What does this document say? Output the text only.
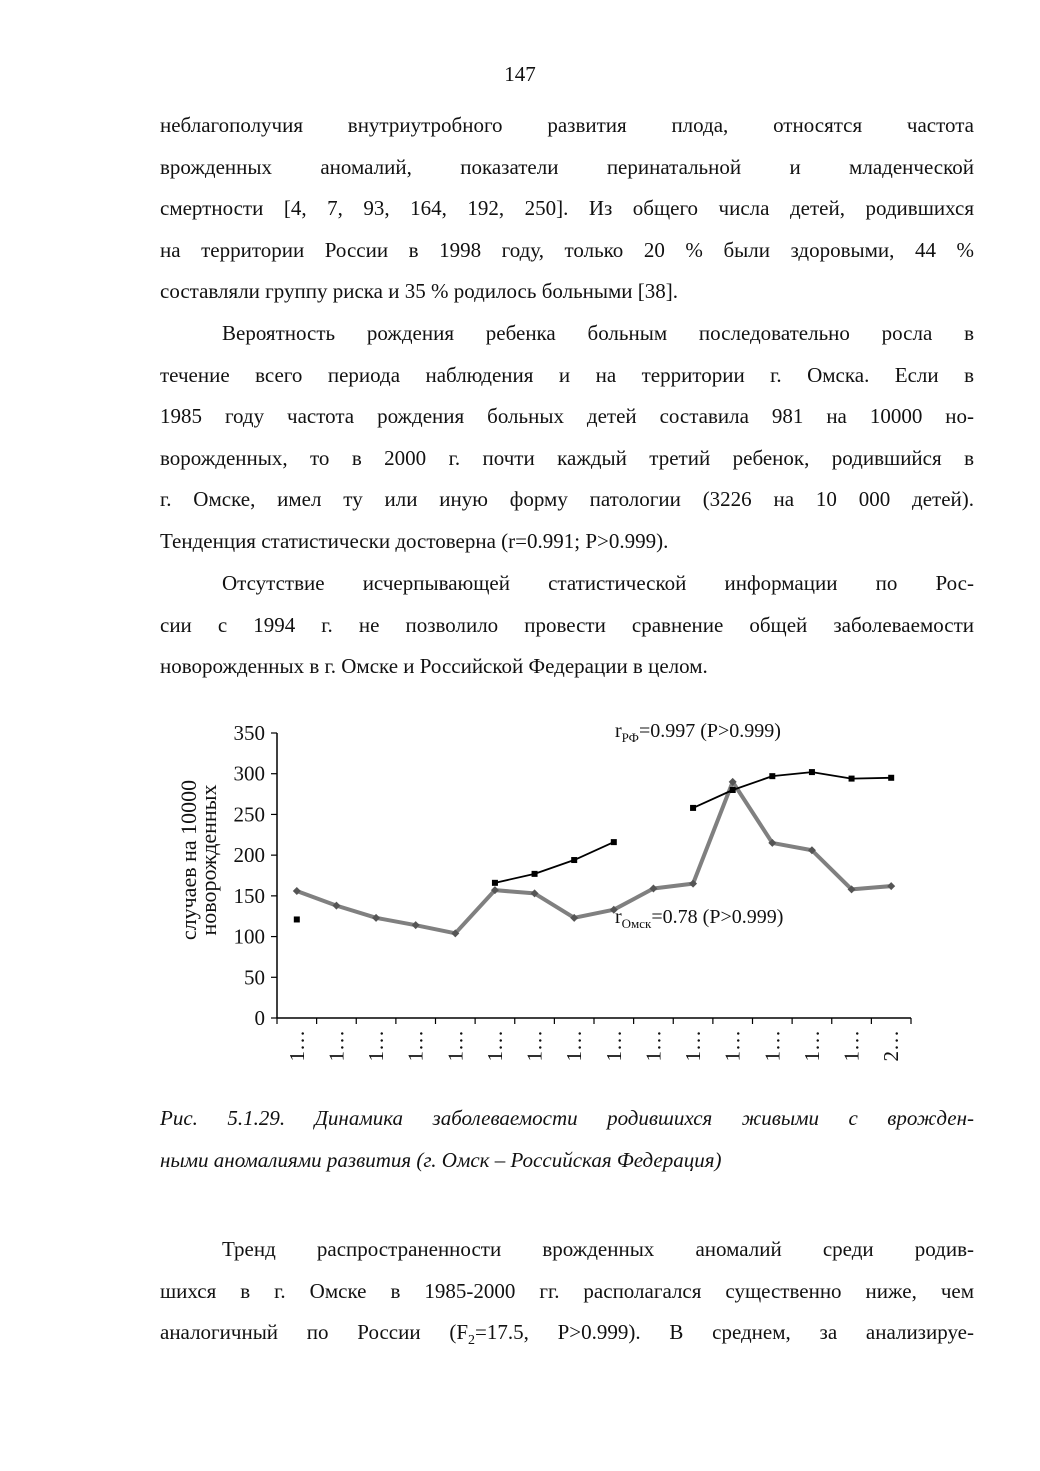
147

неблагополучия внутриутробного развития плода, относятся частота
врожденных аномалий, показатели перинатальной и младенческой
смертности [4, 7, 93, 164, 192, 250]. Из общего числа детей, родившихся
на территории России в 1998 году, только 20 % были здоровыми, 44 %
составляли группу риска и 35 % родилось больными [38].

Вероятность рождения ребенка больным последовательно росла в
течение всего периода наблюдения и на территории г. Омска. Если в
1985 году частота рождения больных детей составила 981 на 10000 но-
ворожденных, то в 2000 г. почти каждый третий ребенок, родившийся в
г. Омске, имел ту или иную форму патологии (3226 на 10 000 детей).
Тенденция статистически достоверна (r=0.991; P>0.999).

Отсутствие исчерпывающей статистической информации по Рос-
сии с 1994 г. не позволило провести сравнение общей заболеваемости
новорожденных в г. Омске и Российской Федерации в целом.

случаев на 10000
новорожденных
0
50
100
150
200
250
300
350
1… 1… 1… 1… 1… 1… 1… 1… 1… 1… 1… 1… 1… 1… 1… 2…
$r_{РФ}=0.997$ (P>0.999)
$r_{Омск}=0.78$ (P>0.999)

Рис. 5.1.29. Динамика заболеваемости родившихся живыми с врожден-
ными аномалиями развития (г. Омск – Российская Федерация)

Тренд распространенности врожденных аномалий среди родив-
шихся в г. Омске в 1985-2000 гг. располагался существенно ниже, чем
аналогичный по России ($F_2=17.5$, P>0.999). В среднем, за анализируе-
